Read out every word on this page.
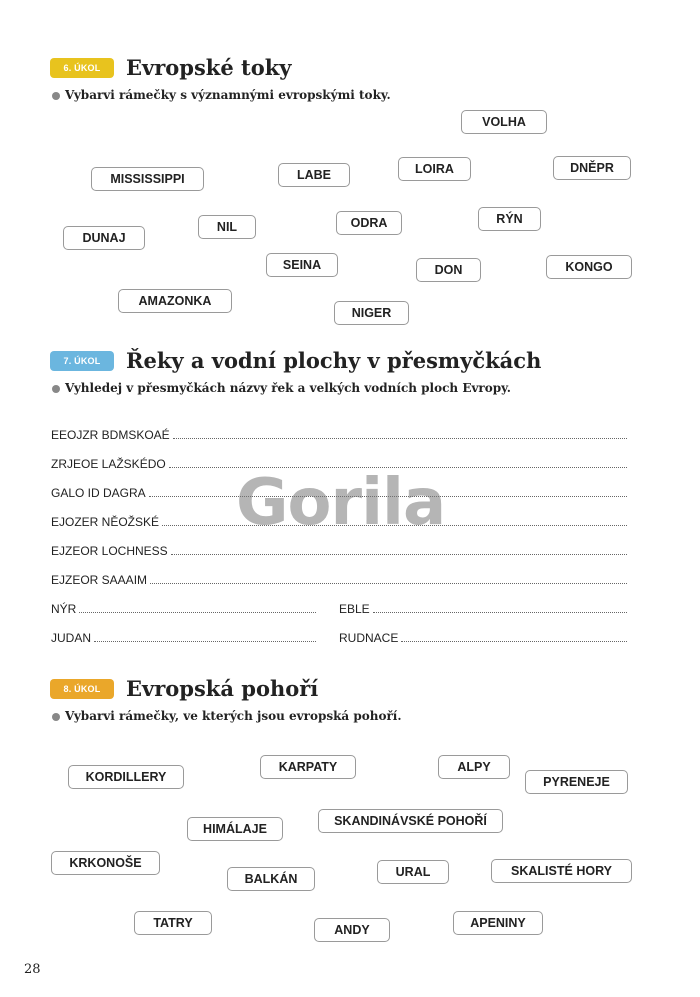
6. ÚKOL	Evropské toky
Vybarvi rámečky s významnými evropskými toky.
VOLHA
MISSISSIPPI	LABE	LOIRA	DNĚPR
DUNAJ
NIL	ODRA	RÝN
SEINA	DON	KONGO
AMAZONKA
NIGER
7. ÚKOL	Řeky a vodní plochy v přesmyčkách
Vyhledej v přesmyčkách názvy řek a velkých vodních ploch Evropy.
EEOJZR BDMSKOAÉ
ZRJEOE LAŽSKÉDO
GALO ID DAGRA
EJOZER NĚOŽSKÉ
EJZEOR LOCHNESS
EJZEOR SAAAIM
NÝR	EBLE
JUDAN	RUDNACE
Gorila
8. ÚKOL	Evropská pohoří
Vybarvi rámečky, ve kterých jsou evropská pohoří.
KORDILLERY
KARPATY	ALPY
PYRENEJE
HIMÁLAJE
SKANDINÁVSKÉ POHOŘÍ
KRKONOŠE
BALKÁN	URAL	SKALISTÉ HORY
TATRY	ANDY	APENINY
28
